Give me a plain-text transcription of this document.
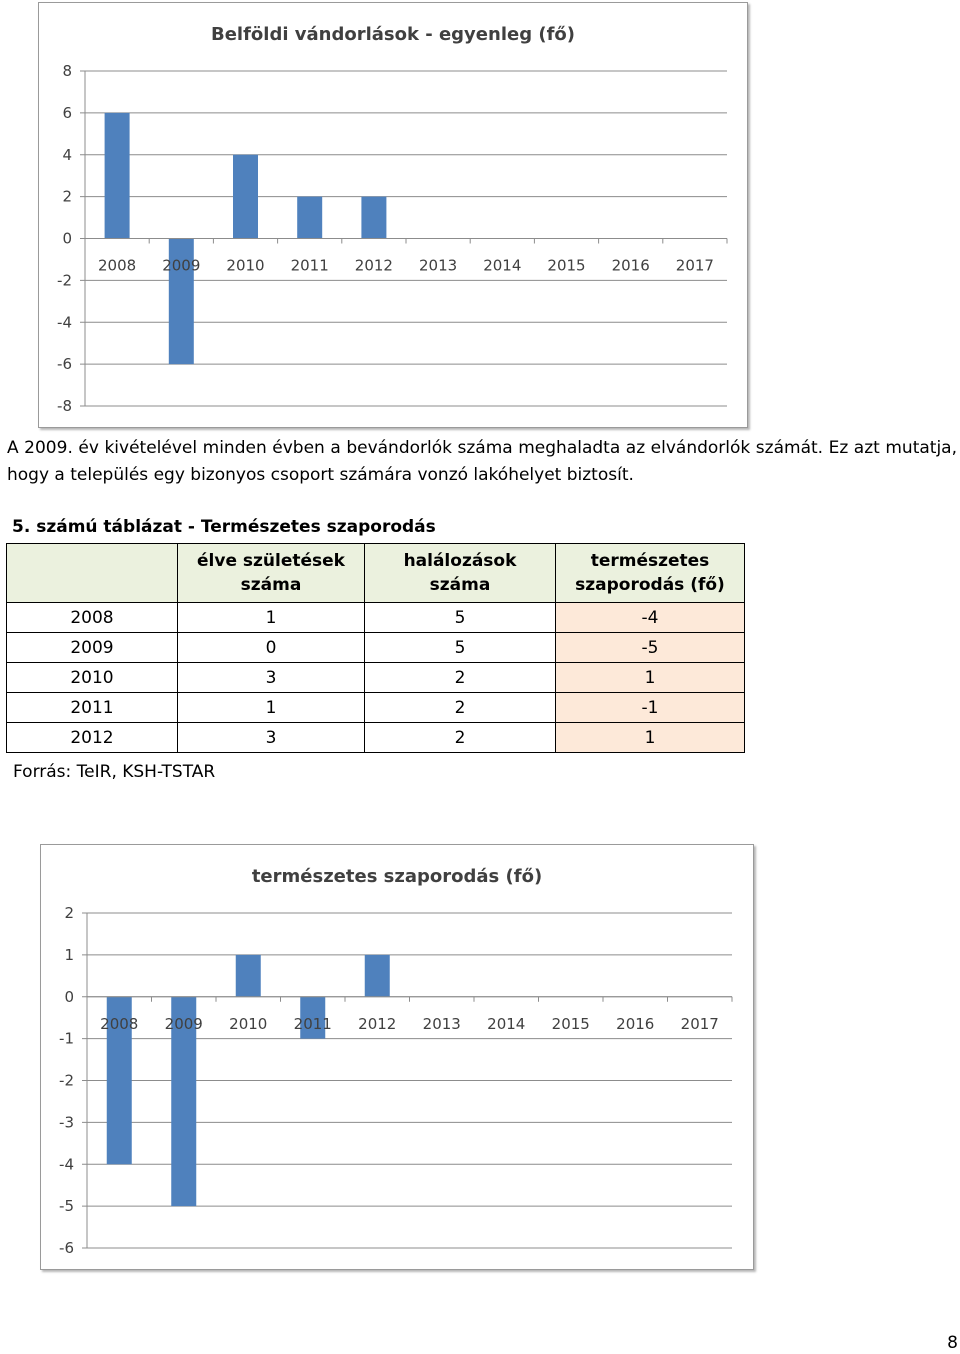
Belföldi vándorlások - egyenleg (fő)
8
6
4
2
0
-2
-4
-6
-8
2008 2009 2010 2011 2012 2013 2014 2015 2016 2017
A 2009. év kivételével minden évben a bevándorlók száma meghaladta az elvándorlók számát. Ez azt mutatja, hogy a település egy bizonyos csoport számára vonzó lakóhelyet biztosít.
5. számú táblázat - Természetes szaporodás
	élve születések száma	halálozások száma	természetes szaporodás (fő)
2008	1	5	-4
2009	0	5	-5
2010	3	2	1
2011	1	2	-1
2012	3	2	1
Forrás: TeIR, KSH-TSTAR
természetes szaporodás (fő)
2
1
0
-1
-2
-3
-4
-5
-6
2008 2009 2010 2011 2012 2013 2014 2015 2016 2017
8
